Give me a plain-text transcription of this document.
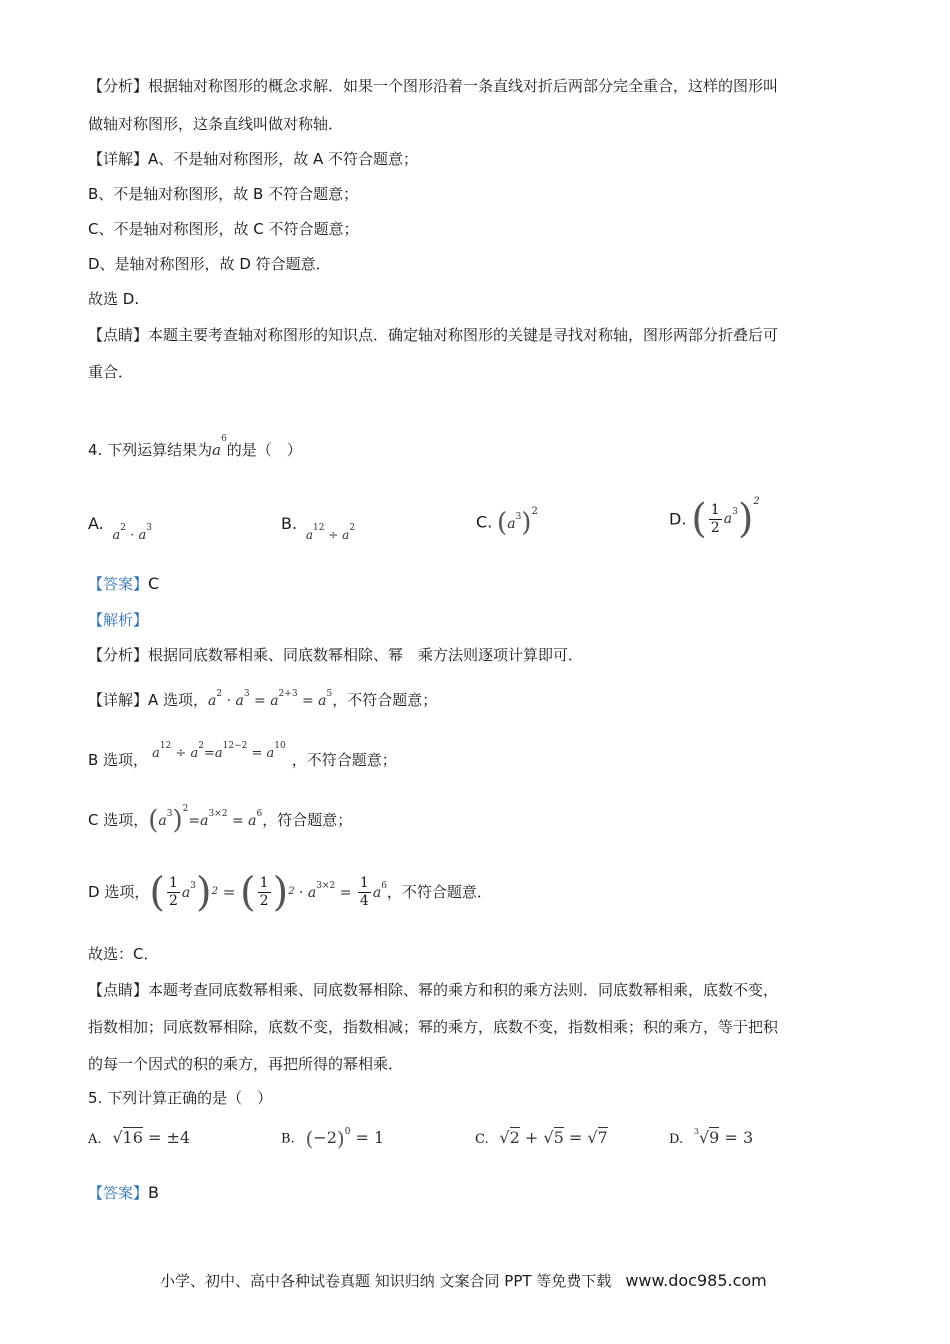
【分析】根据轴对称图形的概念求解．如果一个图形沿着一条直线对折后两部分完全重合，这样的图形叫
做轴对称图形，这条直线叫做对称轴．
【详解】A、不是轴对称图形，故 A 不符合题意；
B、不是轴对称图形，故 B 不符合题意；
C、不是轴对称图形，故 C 不符合题意；
D、是轴对称图形，故 D 符合题意．
故选 D.
【点睛】本题主要考查轴对称图形的知识点．确定轴对称图形的关键是寻找对称轴，图形两部分折叠后可
重合．
4. 下列运算结果为$a^6$的是（　）
A. $a^2 \cdot a^3$	B. $_{a^{12} \div a^2}$	C. $(a^3)^2$	D. ( $\frac{1}{2} a^3)^2$
【答案】C
【解析】
【分析】根据同底数幂相乘、同底数幂相除、幂　乘方法则逐项计算即可．
【详解】A 选项，$a^2 \cdot a^3 = a^{2+3} = a^5$，不符合题意；
B 选项， $a^{12} \div a^2=a^{12-2} = a^{10}$，不符合题意；
C 选项，$(a^3)^2=a^{3\times 2} = a^6$，符合题意；
D 选项，( $\frac{1}{2} a^3)^2$ = ( $\frac{1}{2} )^2 \cdot a^{3\times 2} = \frac{1}{4} a^6$，不符合题意．
故选：C．
【点睛】本题考查同底数幂相乘、同底数幂相除、幂的乘方和积的乘方法则．同底数幂相乘，底数不变，
指数相加；同底数幂相除，底数不变，指数相减；幂的乘方，底数不变，指数相乘；积的乘方，等于把积
的每一个因式的积的乘方，再把所得的幂相乘．
5. 下列计算正确的是（　）
A. √16 = ±4	B. $(-2)^0 = 1$	C. √2 + √5 = √7	D. $^3$√9 = 3
【答案】B
小学、初中、高中各种试卷真题 知识归纳 文案合同 PPT 等免费下载 www.doc985.com
